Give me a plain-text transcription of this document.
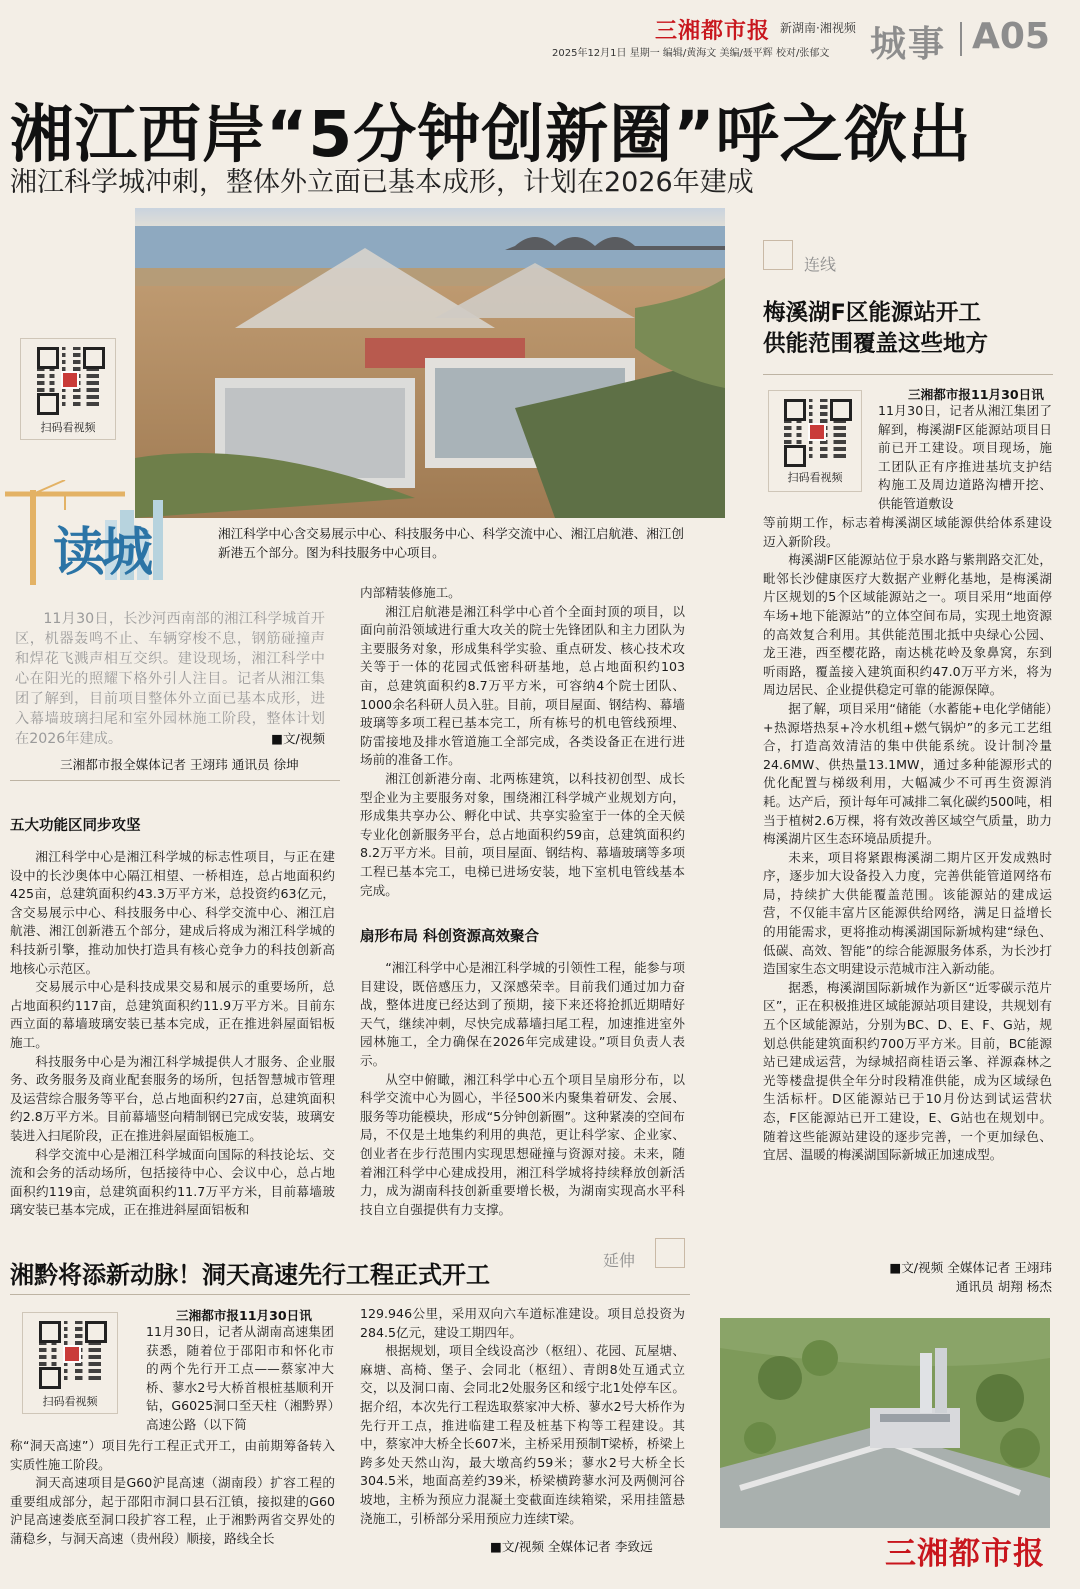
三湘都市报 新湖南·湘视频
2025年12月1日 星期一 编辑/黄海文 美编/聂平辉 校对/张郁文 城事 A05
湘江西岸“5分钟创新圈”呼之欲出
湘江科学城冲刺，整体外立面已基本成形，计划在2026年建成
湘江科学中心含交易展示中心、科技服务中心、科学交流中心、湘江启航港、湘江创新港五个部分。图为科技服务中心项目。
扫码看视频
读城

11月30日，长沙河西南部的湘江科学城首开区，机器轰鸣不止、车辆穿梭不息，钢筋碰撞声和焊花飞溅声相互交织。建设现场，湘江科学中心在阳光的照耀下格外引人注目。记者从湘江集团了解到，目前项目整体外立面已基本成形，进入幕墙玻璃扫尾和室外园林施工阶段，整体计划在2026年建成。	■文/视频

三湘都市报全媒体记者 王翊玮 通讯员 徐坤
五大功能区同步攻坚

湘江科学中心是湘江科学城的标志性项目，与正在建设中的长沙奥体中心隔江相望、一桥相连，总占地面积约425亩，总建筑面积约43.3万平方米，总投资约63亿元，含交易展示中心、科技服务中心、科学交流中心、湘江启航港、湘江创新港五个部分，建成后将成为湘江科学城的科技新引擎，推动加快打造具有核心竞争力的科技创新高地核心示范区。

交易展示中心是科技成果交易和展示的重要场所，总占地面积约117亩，总建筑面积约11.9万平方米。目前东西立面的幕墙玻璃安装已基本完成，正在推进斜屋面铝板施工。

科技服务中心是为湘江科学城提供人才服务、企业服务、政务服务及商业配套服务的场所，包括智慧城市管理及运营综合服务等平台，总占地面积约27亩，总建筑面积约2.8万平方米。目前幕墙竖向精制钢已完成安装，玻璃安装进入扫尾阶段，正在推进斜屋面铝板施工。

科学交流中心是湘江科学城面向国际的科技论坛、交流和会务的活动场所，包括接待中心、会议中心，总占地面积约119亩，总建筑面积约11.7万平方米，目前幕墙玻璃安装已基本完成，正在推进斜屋面铝板和

内部精装修施工。

湘江启航港是湘江科学中心首个全面封顶的项目，以面向前沿领域进行重大攻关的院士先锋团队和主力团队为主要服务对象，形成集科学实验、重点研发、核心技术攻关等于一体的花园式低密科研基地，总占地面积约103亩，总建筑面积约8.7万平方米，可容纳4个院士团队、1000余名科研人员入驻。目前，项目屋面、钢结构、幕墙玻璃等多项工程已基本完工，所有栋号的机电管线预埋、防雷接地及排水管道施工全部完成，各类设备正在进行进场前的准备工作。

湘江创新港分南、北两栋建筑，以科技初创型、成长型企业为主要服务对象，围绕湘江科学城产业规划方向，形成集共享办公、孵化中试、共享实验室于一体的全天候专业化创新服务平台，总占地面积约59亩，总建筑面积约8.2万平方米。目前，项目屋面、钢结构、幕墙玻璃等多项工程已基本完工，电梯已进场安装，地下室机电管线基本完成。

扇形布局 科创资源高效聚合

“湘江科学中心是湘江科学城的引领性工程，能参与项目建设，既倍感压力，又深感荣幸。目前我们通过加力奋战，整体进度已经达到了预期，接下来还将抢抓近期晴好天气，继续冲刺，尽快完成幕墙扫尾工程，加速推进室外园林施工，全力确保在2026年完成建设。”项目负责人表示。

从空中俯瞰，湘江科学中心五个项目呈扇形分布，以科学交流中心为圆心，半径500米内聚集着研发、会展、服务等功能模块，形成“5分钟创新圈”。这种紧凑的空间布局，不仅是土地集约利用的典范，更让科学家、企业家、创业者在步行范围内实现思想碰撞与资源对接。未来，随着湘江科学中心建成投用，湘江科学城将持续释放创新活力，成为湖南科技创新重要增长极，为湖南实现高水平科技自立自强提供有力支撑。

连线
梅溪湖F区能源站开工
供能范围覆盖这些地方
扫码看视频
三湘都市报11月30日讯

11月30日，记者从湘江集团了解到，梅溪湖F区能源站项目日前已开工建设。项目现场，施工团队正有序推进基坑支护结构施工及周边道路沟槽开挖、供能管道敷设

等前期工作，标志着梅溪湖区域能源供给体系建设迈入新阶段。

梅溪湖F区能源站位于泉水路与紫荆路交汇处，毗邻长沙健康医疗大数据产业孵化基地，是梅溪湖片区规划的5个区域能源站之一。项目采用“地面停车场+地下能源站”的立体空间布局，实现土地资源的高效复合利用。其供能范围北抵中央绿心公园、龙王港，西至樱花路，南达桃花岭及象鼻窝，东到听雨路，覆盖接入建筑面积约47.0万平方米，将为周边居民、企业提供稳定可靠的能源保障。

据了解，项目采用“储能（水蓄能+电化学储能）+热源塔热泵+冷水机组+燃气锅炉”的多元工艺组合，打造高效清洁的集中供能系统。设计制冷量24.6MW、供热量13.1MW，通过多种能源形式的优化配置与梯级利用，大幅减少不可再生资源消耗。达产后，预计每年可减排二氧化碳约500吨，相当于植树2.6万棵，将有效改善区域空气质量，助力梅溪湖片区生态环境品质提升。

未来，项目将紧跟梅溪湖二期片区开发成熟时序，逐步加大设备投入力度，完善供能管道网络布局，持续扩大供能覆盖范围。该能源站的建成运营，不仅能丰富片区能源供给网络，满足日益增长的用能需求，更将推动梅溪湖国际新城构建“绿色、低碳、高效、智能”的综合能源服务体系，为长沙打造国家生态文明建设示范城市注入新动能。

据悉，梅溪湖国际新城作为新区“近零碳示范片区”，正在积极推进区域能源站项目建设，共规划有五个区域能源站，分别为BC、D、E、F、G站，规划总供能建筑面积约700万平方米。目前，BC能源站已建成运营，为绿城招商桂语云峯、祥源森林之光等楼盘提供全年分时段精准供能，成为区域绿色生活标杆。D区能源站已于10月份达到试运营状态，F区能源站已开工建设，E、G站也在规划中。随着这些能源站建设的逐步完善，一个更加绿色、宜居、温暖的梅溪湖国际新城正加速成型。

■文/视频 全媒体记者 王翊玮
通讯员 胡翔 杨杰
湘黔将添新动脉！洞天高速先行工程正式开工
延伸
扫码看视频
三湘都市报11月30日讯

11月30日，记者从湖南高速集团获悉，随着位于邵阳市和怀化市的两个先行开工点——蔡家冲大桥、蓼水2号大桥首根桩基顺利开钻，G6025洞口至天柱（湘黔界）高速公路（以下简

称“洞天高速”）项目先行工程正式开工，由前期筹备转入实质性施工阶段。

洞天高速项目是G60沪昆高速（湖南段）扩容工程的重要组成部分，起于邵阳市洞口县石江镇，接拟建的G60沪昆高速娄底至洞口段扩容工程，止于湘黔两省交界处的蒲稳乡，与洞天高速（贵州段）顺接，路线全长

129.946公里，采用双向六车道标准建设。项目总投资为284.5亿元，建设工期四年。

根据规划，项目全线设高沙（枢纽）、花园、瓦屋塘、麻塘、高椅、堡子、会同北（枢纽）、青朗8处互通式立交，以及洞口南、会同北2处服务区和绥宁北1处停车区。据介绍，本次先行工程选取蔡家冲大桥、蓼水2号大桥作为先行开工点，推进临建工程及桩基下构等工程建设。其中，蔡家冲大桥全长607米，主桥采用预制T梁桥，桥梁上跨多处天然山沟，最大墩高约59米；蓼水2号大桥全长304.5米，地面高差约39米，桥梁横跨蓼水河及两侧河谷坡地，主桥为预应力混凝土变截面连续箱梁，采用挂篮悬浇施工，引桥部分采用预应力连续T梁。

■文/视频 全媒体记者 李致远	三湘都市报
